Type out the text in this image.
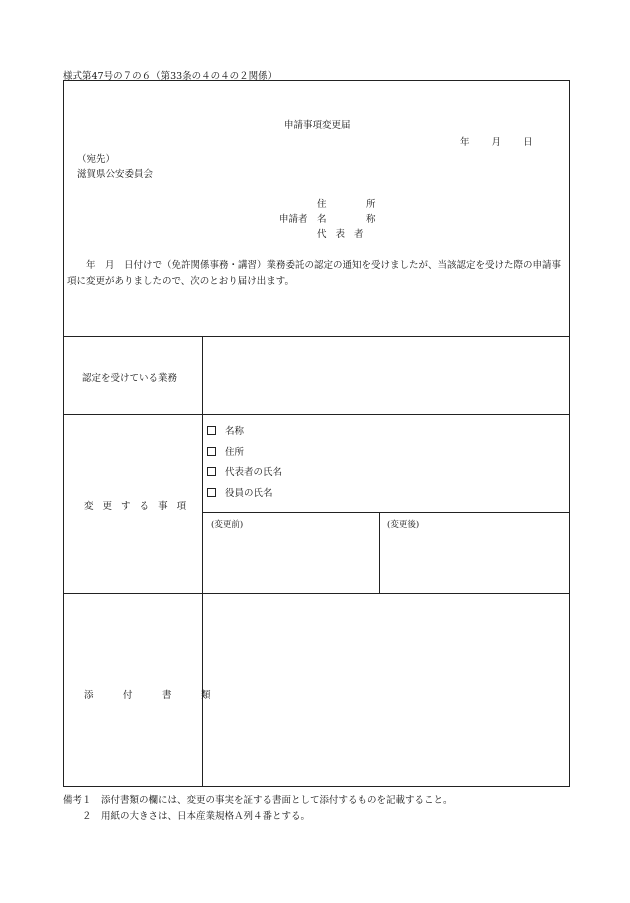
様式第47号の７の６（第33条の４の４の２関係）
申請事項変更届
年 月 日
（宛先）
滋賀県公安委員会
住　所
申請者 名　称
代 表 者
　　年　月　日付けで（免許関係事務・講習）業務委託の認定の通知を受けましたが、当該認定を受けた際の申請事項に変更がありましたので、次のとおり届け出ます。
認定を受けている業務
名称
住所
代表者の氏名
役員の氏名
変 更 す る 事 項
(変更前)	(変更後)
添　付　書　類
備考１　添付書類の欄には、変更の事実を証する書面として添付するものを記載すること。
　　２　用紙の大きさは、日本産業規格Ａ列４番とする。
